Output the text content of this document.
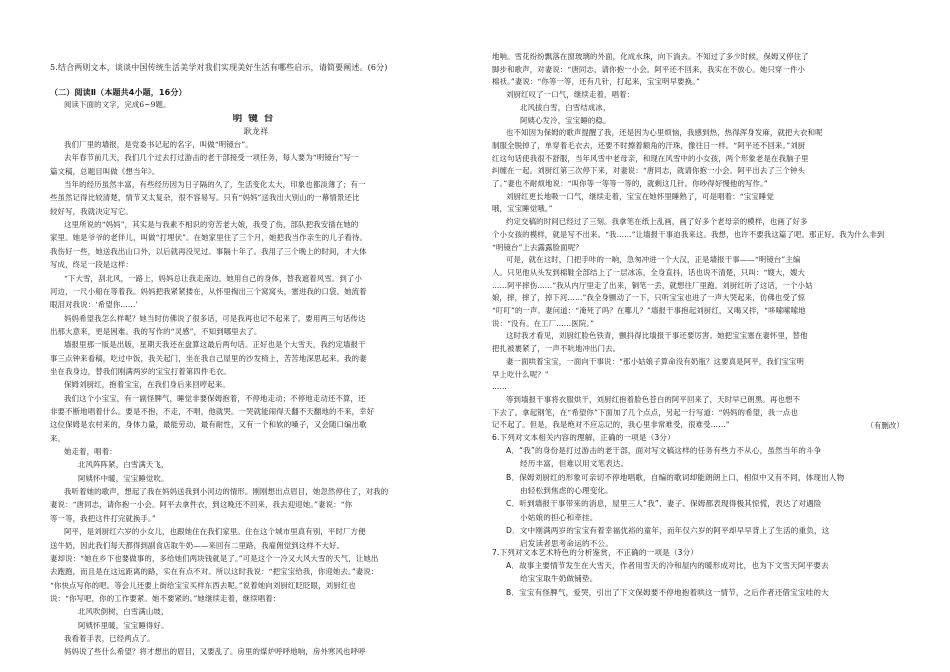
5.结合两则文本，谈谈中国传统生活美学对我们实现美好生活有哪些启示，请简要阐述。(6分)
（二）阅读Ⅱ（本题共4小题，16分）
阅读下面的文字，完成6~9题。
明镜台
耿龙祥
我们厂里的墙报，是党委书记起的名字，叫做“明镜台”。
去年春节前几天，我们几个过去打过游击的老干部接受一项任务，每人要为“明镜台”写一
篇文稿，总题目叫做《想当年》。
当年的经历虽然丰富，有些经历因为日子隔的久了，生活变化太大，印象也都淡薄了；有一
些虽然记得比较清楚，情节又太复杂，很不容易写。只有“妈妈”送我出大别山的一幕情景还比
较好写，我就决定写它。
这里所说的“妈妈”，其实是与我素不相识的穷苦老大娘，我受了伤，部队把我安插在她的
家里。她是爷爷的老伴儿，叫做“打埋伏”。在她家里住了三个月，她把我当作亲生的儿子看待。
我伤好一些，她送我出山口外，以后就再没见过。事隔十年了。我用了三个晚上的时间，才大体
写成，终足一段是这样：
“下大雪，刮北风，一路上，妈妈总让我走南边，她用自己的身体，替我遮着风雪。到了小
河边，一尺小船在等着我。妈妈把我紧紧搂在，从怀里掏出三个窝窝头，塞进我的口袋。她流着
眼泪对我说：‘希望你……’
妈妈希望我怎么样呢？她当时仿佛说了很多话，可是我再也记不起来了。要用两三句话传达
出那大意来，更是困难。我的写作的“灵感”，不知到哪里去了。
墙报里那一版是出版，星期天我还在盘算这最后两句话。正好也是个大雪天，我约定墙报干
事三点钟来看稿，吃过中饭，我关起门，坐在我自己屋里的沙发椅上，苦苦地深思起来。我的妻
坐在我身边，替我们刚满两岁的宝宝打着第四件毛衣。
保姆刘厨红，抱着宝宝，在我们身后来回哼起来。
我们这个小宝宝，有一副怪脾气，睡觉非要保姆抱着，不停地走动；不停地走动还不算，还
非要不断地唱着什么。要是不抱，不走，不唱，他就哭。一哭就能闹得天翻不天翻地的不来，幸好
这位保姆是农村来的，身体力量，最能劳动，最有耐性，又有一个和软的嗓子，又会随口编出歌
来。
她走着，唱着：
北风阵阵紧，白雪满天飞，
阿姨怀中暖，宝宝睡觉吹。
我听着她的歌声，想起了我在妈妈送我到小河边的情形。刚刚想出点眉目，她忽然停住了，对我的
妻说：“唐同志，请你抱一小会。阿平去拿件衣，到这晚还不回来，我去迎迎她。”妻说：“你
等一等，我把这件打完就换手。”
阿平，是刘厨红六岁的小女儿，也跟她住在我们家里。住在这个城市里真有别，平时厂方便
送牛奶，因此我们每天都得到副食店取牛奶——来回有二里路，我雇佣觉到这样不大好。
妻却说：“她在乡下也要做事的，多给她们两块钱就是了。”可是这个一冷又大风大雪的天气，让她出
去跑跑，而且是在这远距离的路，实在有点不对。所以这时我说：“把宝宝给我，你迎她去。”妻说：
“你快点写你的吧。等会儿还要上街给宝宝买样东西去呢。”说着她向刘厨红眨眨眼，刘厨红也
说：“你写吧，你的工作要紧。她不要紧的。”她继续走着，继续唱着：
北风吹倒树，白雪满山坡，
阿姨怀里暖，宝宝睡得好。
我看着手表，已经两点了。
妈妈说了些什么希望？将才想出的眉目，又要乱了。房里的煤炉呼呼地响，房外寒风也呼呼
地响。雪花纷纷飘落在窗玻璃的外面，化成水珠，向下淌去。不知过了多少时候，保姆又停住了
脚步和歌声，对妻说：“唐同志，请你抱一小会。阿平还不回来，我实在不放心。她只穿一件小
棉袄。”妻说：“你等一等，还有几针，打起来，宝宝明早要换。”
刘厨红叹了一口气，继续走着，唱着：
北风拔白雪，白雪结成冰，
阿姨心发冷，宝宝睡的稳。
也不知因为保姆的歌声提醒了我，还是因为心里烦恼，我感到热，热得浑身发麻，就把大衣和呢
制服全脱掉了，单穿着毛衣去，还要不时擦着额角的汗珠，像往日一样。“阿平还不回来。”刘厨
红这句话使我很不舒服，当年风雪中老母亲，和现在风雪中的小女孩，两个形象老是在我脑子里
纠缠在一起。刘厨红第三次停下来，对妻说：“唐同志，就请你抱一小会。阿平出去了三个钟头
了。”妻也不耐烦地说：“叫你等一等等一等的，就剩这几针。你吵得好慢他的写作。”
刘厨红更长地吸一口气，继续走着，宝宝在她怀里睡熟了，可是唱着：“宝宝睡觉
哦，宝宝睡觉哦。”
约定交稿的时间已经过了三刻。我拿笔在纸上乱画，画了好多个老母亲的模样，也画了好多
个小女孩的模样，就是写不出来。“我……”让墙报干事迫我来这。我想，也许不要我这篇了吧。那正好。我为什么非到
“明镜台”上去露露脸面呢？
可是，就在这时，门把手咔的一响，急匆冲进一个大汉，正是墙报干事——“明镜台”主编
人。只见他从头发到棉鞋全部结上了一层冰冻，全身直抖，话也说不清楚，只叫：“嫂大，嫂大
……阿平摔伤……”我从内厅里走了出来，铜笔一丢，就想往厂里跑。刘厨红听了这话，一个小姑
娘，摔，摔了，掉下河……”我全身颤动了一下，只听宝宝也进了一声大哭起来，仿佛也受了惊
“叮叮”的一声。妻问道：“淹死了吗？在哪儿？”墙报干事抱起刘厨红，又喝又拌，“哆嗦嗦嗦地
说：“没有。在工厂……医院。”
这时我才看见，刘厨红脸色铁青，颤抖得比墙报干事还要厉害。她把宝宝塞在妻怀里，替他
把扎被裹紧了，一声不吭地冲出门去。
妻一面哄着宝宝，一面向干事说：“那小姑娘子算命没有奶瓶？这要真是阿平，我们宝宝明
早上吃什么呢？”
……
等到墙报干事将衣服烘干，刘厨红抱着脸色苍白的阿平回来了，天时早已朗黑。再也想不
下去了。拿起钢笔，在“希望你”下面加了几个点点，另起一行写道：“妈妈的希望，我一点也
记不起了。但是，我是绝对不应忘记的，我心里非常难受，很难受……”	（有删改）
6.下列对文本相关内容的理解，正确的一项是（3分）
A．“我”的身份是打过游击的老干部，面对写文稿这样的任务有些力不从心，虽然当年的斗争
经历丰富，但难以用文笔表达。
B．保姆刘厨红的形象可亲切不停地唱歌，自编的歌词却能朗朗上口，相似中又有不同，体现出人物
由轻松到焦虑的心理变化。
C．听到墙报干事带来的消息，屋里三人“我”、妻子、保姆都表现得极其惊慌，表达了对遇险
小姑娘的担心和牵挂。
D．文中刚满两岁的宝宝有着幸福优裕的童年，而年仅六岁的阿平却早早背上了生活的重负，这
启发读者思考命运的不公。
7.下列对文本艺术特色的分析鉴赏，不正确的一项是（3分）
A．故事主要情节发生在大雪天，作者用雪天的冷和屋内的暖形成对比，也为下文雪天阿平要去
给宝宝取牛奶做铺垫。
B．宝宝有怪脾气，爱哭，引出了下文保姆要不停地抱着哄这一情节，之后作者还借宝宝哇的大
